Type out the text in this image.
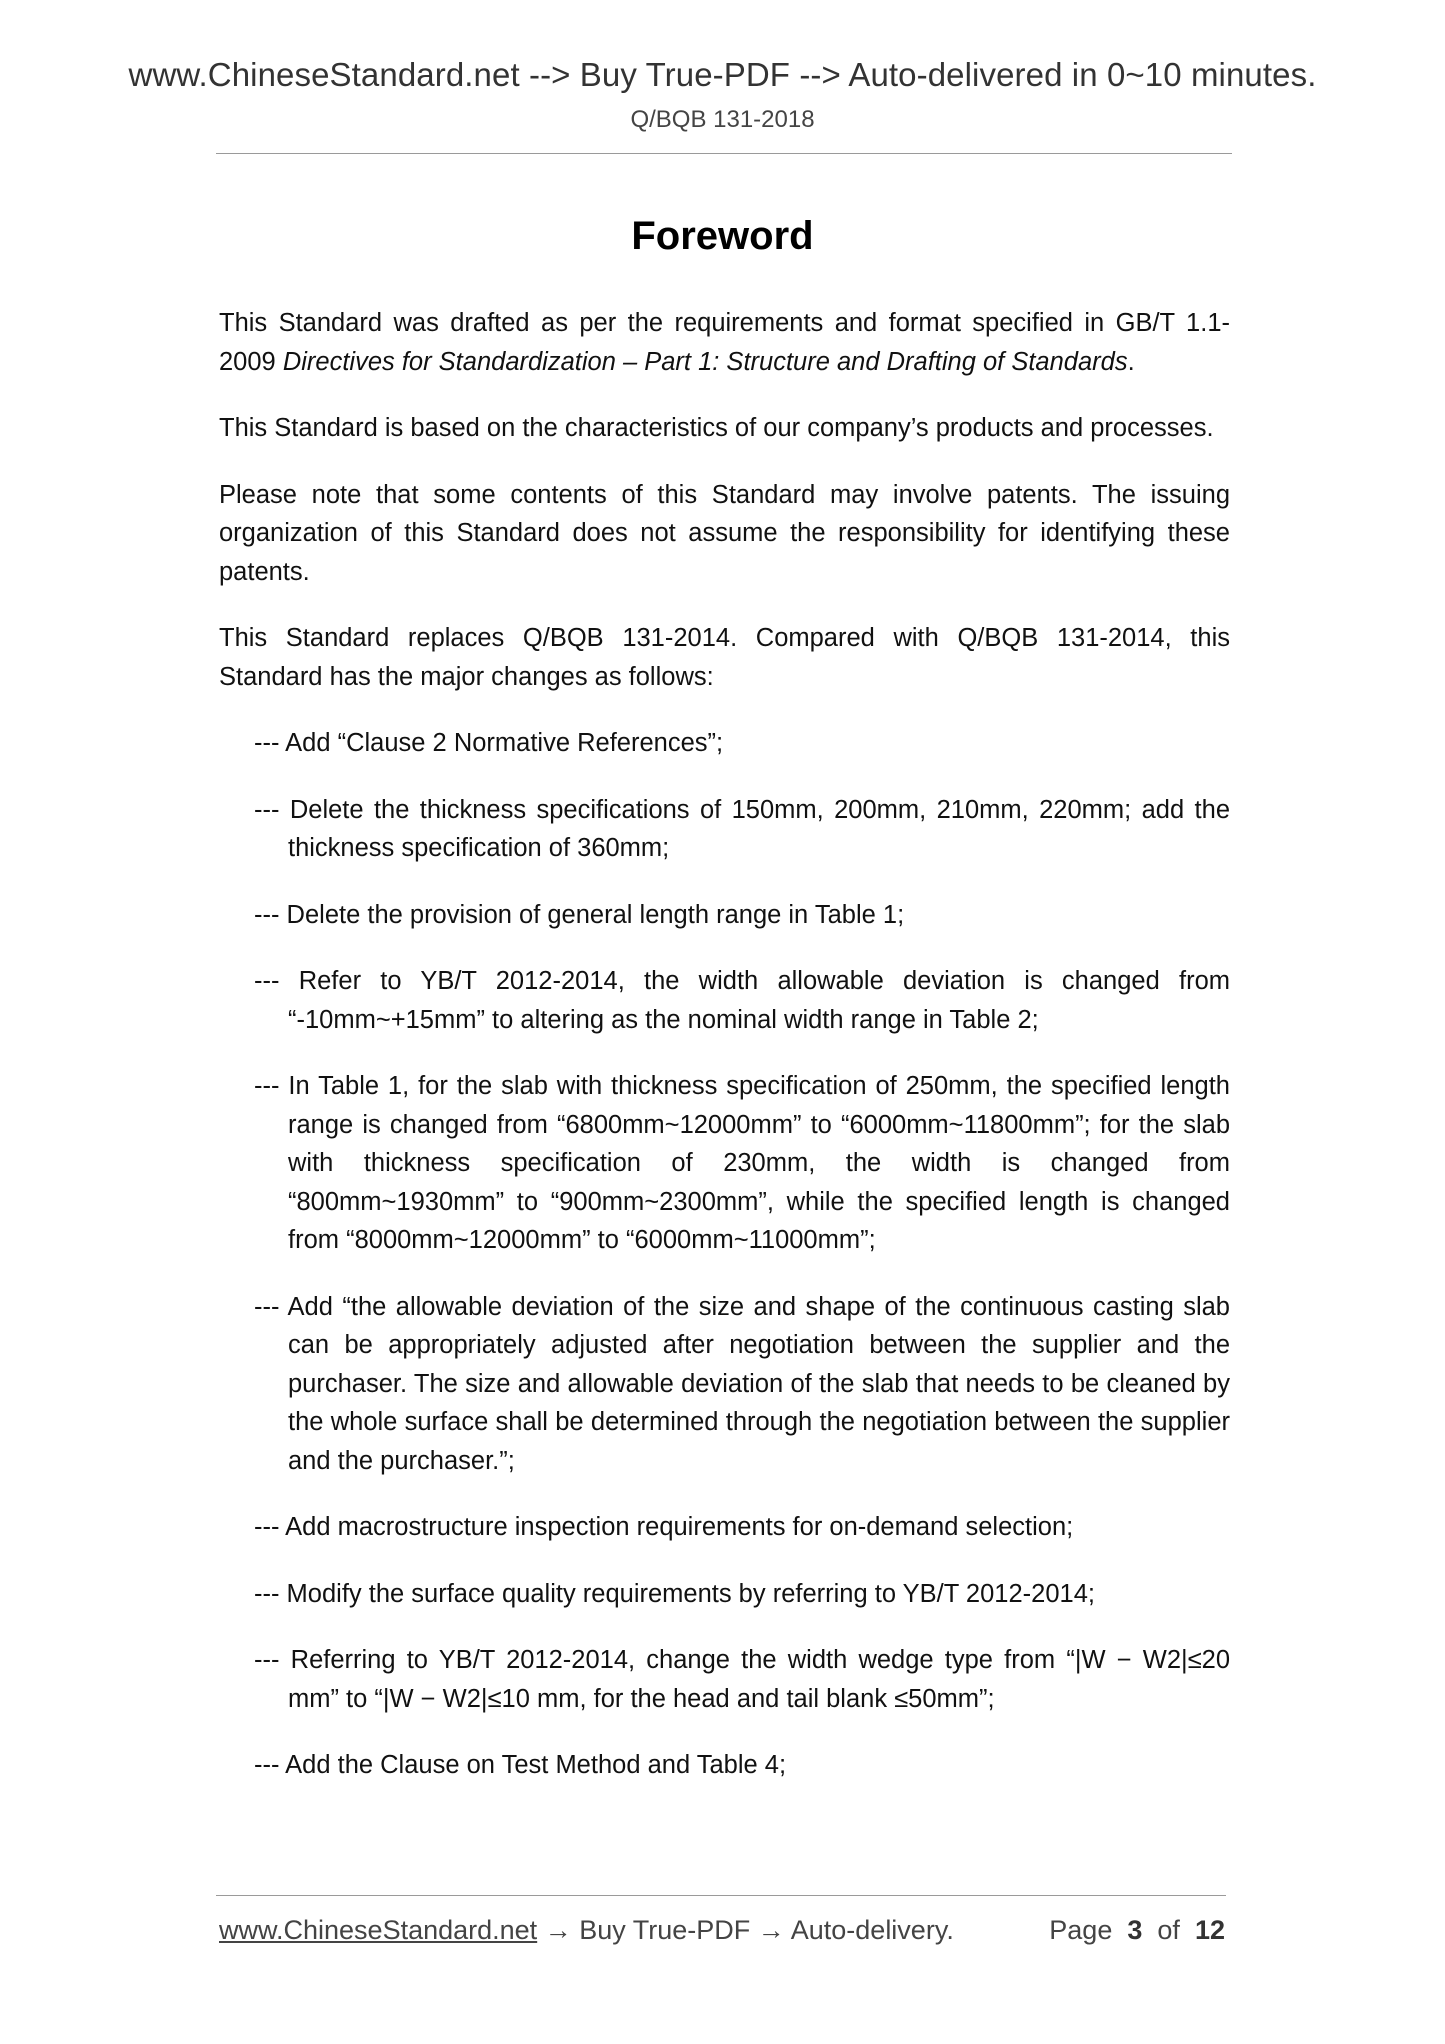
www.ChineseStandard.net --> Buy True-PDF --> Auto-delivered in 0~10 minutes.
Q/BQB 131-2018
Foreword

This Standard was drafted as per the requirements and format specified in GB/T 1.1-2009 Directives for Standardization – Part 1: Structure and Drafting of Standards.

This Standard is based on the characteristics of our company’s products and processes.

Please note that some contents of this Standard may involve patents. The issuing organization of this Standard does not assume the responsibility for identifying these patents.

This Standard replaces Q/BQB 131-2014. Compared with Q/BQB 131-2014, this Standard has the major changes as follows:

--- Add “Clause 2 Normative References”;
--- Delete the thickness specifications of 150mm, 200mm, 210mm, 220mm; add the thickness specification of 360mm;
--- Delete the provision of general length range in Table 1;
--- Refer to YB/T 2012-2014, the width allowable deviation is changed from “-10mm~+15mm” to altering as the nominal width range in Table 2;
--- In Table 1, for the slab with thickness specification of 250mm, the specified length range is changed from “6800mm~12000mm” to “6000mm~11800mm”; for the slab with thickness specification of 230mm, the width is changed from “800mm~1930mm” to “900mm~2300mm”, while the specified length is changed from “8000mm~12000mm” to “6000mm~11000mm”;
--- Add “the allowable deviation of the size and shape of the continuous casting slab can be appropriately adjusted after negotiation between the supplier and the purchaser. The size and allowable deviation of the slab that needs to be cleaned by the whole surface shall be determined through the negotiation between the supplier and the purchaser.”;
--- Add macrostructure inspection requirements for on-demand selection;
--- Modify the surface quality requirements by referring to YB/T 2012-2014;
--- Referring to YB/T 2012-2014, change the width wedge type from “|W − W2|≤20 mm” to “|W − W2|≤10 mm, for the head and tail blank ≤50mm”;
--- Add the Clause on Test Method and Table 4;
www.ChineseStandard.net → Buy True-PDF → Auto-delivery.	Page 3 of 12
